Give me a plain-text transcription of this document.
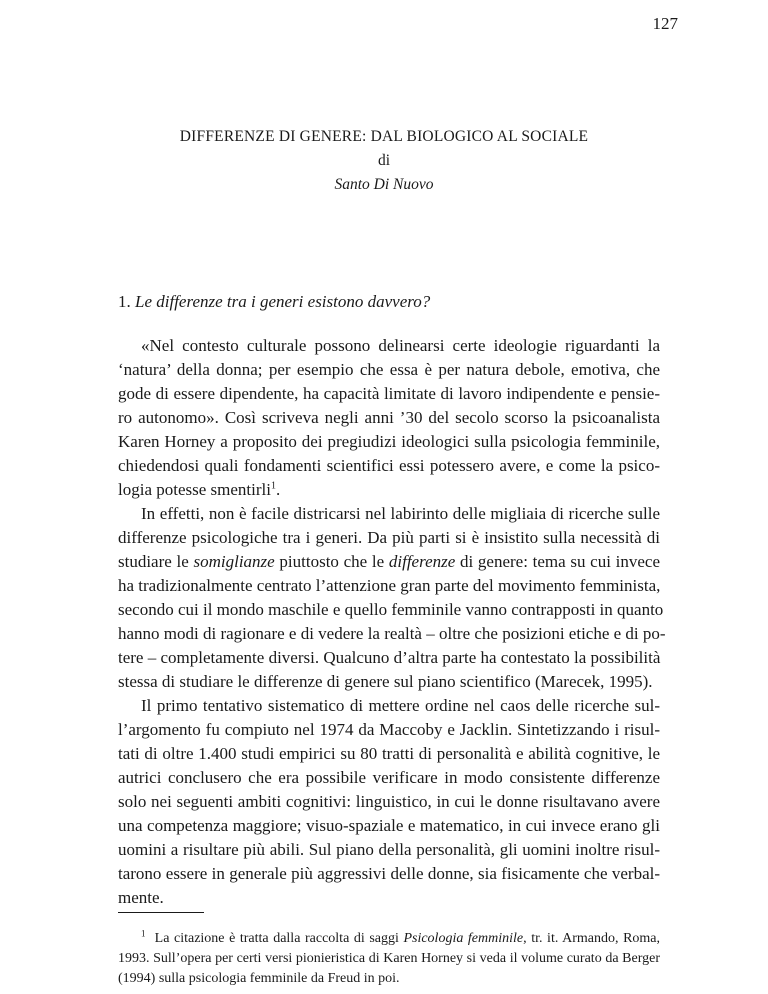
127
DIFFERENZE DI GENERE: DAL BIOLOGICO AL SOCIALE
di
Santo Di Nuovo
1. Le differenze tra i generi esistono davvero?
«Nel contesto culturale possono delinearsi certe ideologie riguardanti la
‘natura’ della donna; per esempio che essa è per natura debole, emotiva, che
gode di essere dipendente, ha capacità limitate di lavoro indipendente e pensie-
ro autonomo». Così scriveva negli anni ’30 del secolo scorso la psicoanalista
Karen Horney a proposito dei pregiudizi ideologici sulla psicologia femminile,
chiedendosi quali fondamenti scientifici essi potessero avere, e come la psico-
logia potesse smentirli$^1$.
In effetti, non è facile districarsi nel labirinto delle migliaia di ricerche sulle
differenze psicologiche tra i generi. Da più parti si è insistito sulla necessità di
studiare le somiglianze piuttosto che le differenze di genere: tema su cui invece
ha tradizionalmente centrato l’attenzione gran parte del movimento femminista,
secondo cui il mondo maschile e quello femminile vanno contrapposti in quanto
hanno modi di ragionare e di vedere la realtà – oltre che posizioni etiche e di po-
tere – completamente diversi. Qualcuno d’altra parte ha contestato la possibilità
stessa di studiare le differenze di genere sul piano scientifico (Marecek, 1995).
Il primo tentativo sistematico di mettere ordine nel caos delle ricerche sul-
l’argomento fu compiuto nel 1974 da Maccoby e Jacklin. Sintetizzando i risul-
tati di oltre 1.400 studi empirici su 80 tratti di personalità e abilità cognitive, le
autrici conclusero che era possibile verificare in modo consistente differenze
solo nei seguenti ambiti cognitivi: linguistico, in cui le donne risultavano avere
una competenza maggiore; visuo-spaziale e matematico, in cui invece erano gli
uomini a risultare più abili. Sul piano della personalità, gli uomini inoltre risul-
tarono essere in generale più aggressivi delle donne, sia fisicamente che verbal-
mente.
$^1$ La citazione è tratta dalla raccolta di saggi Psicologia femminile, tr. it. Armando, Roma,
1993. Sull’opera per certi versi pionieristica di Karen Horney si veda il volume curato da Berger
(1994) sulla psicologia femminile da Freud in poi.
